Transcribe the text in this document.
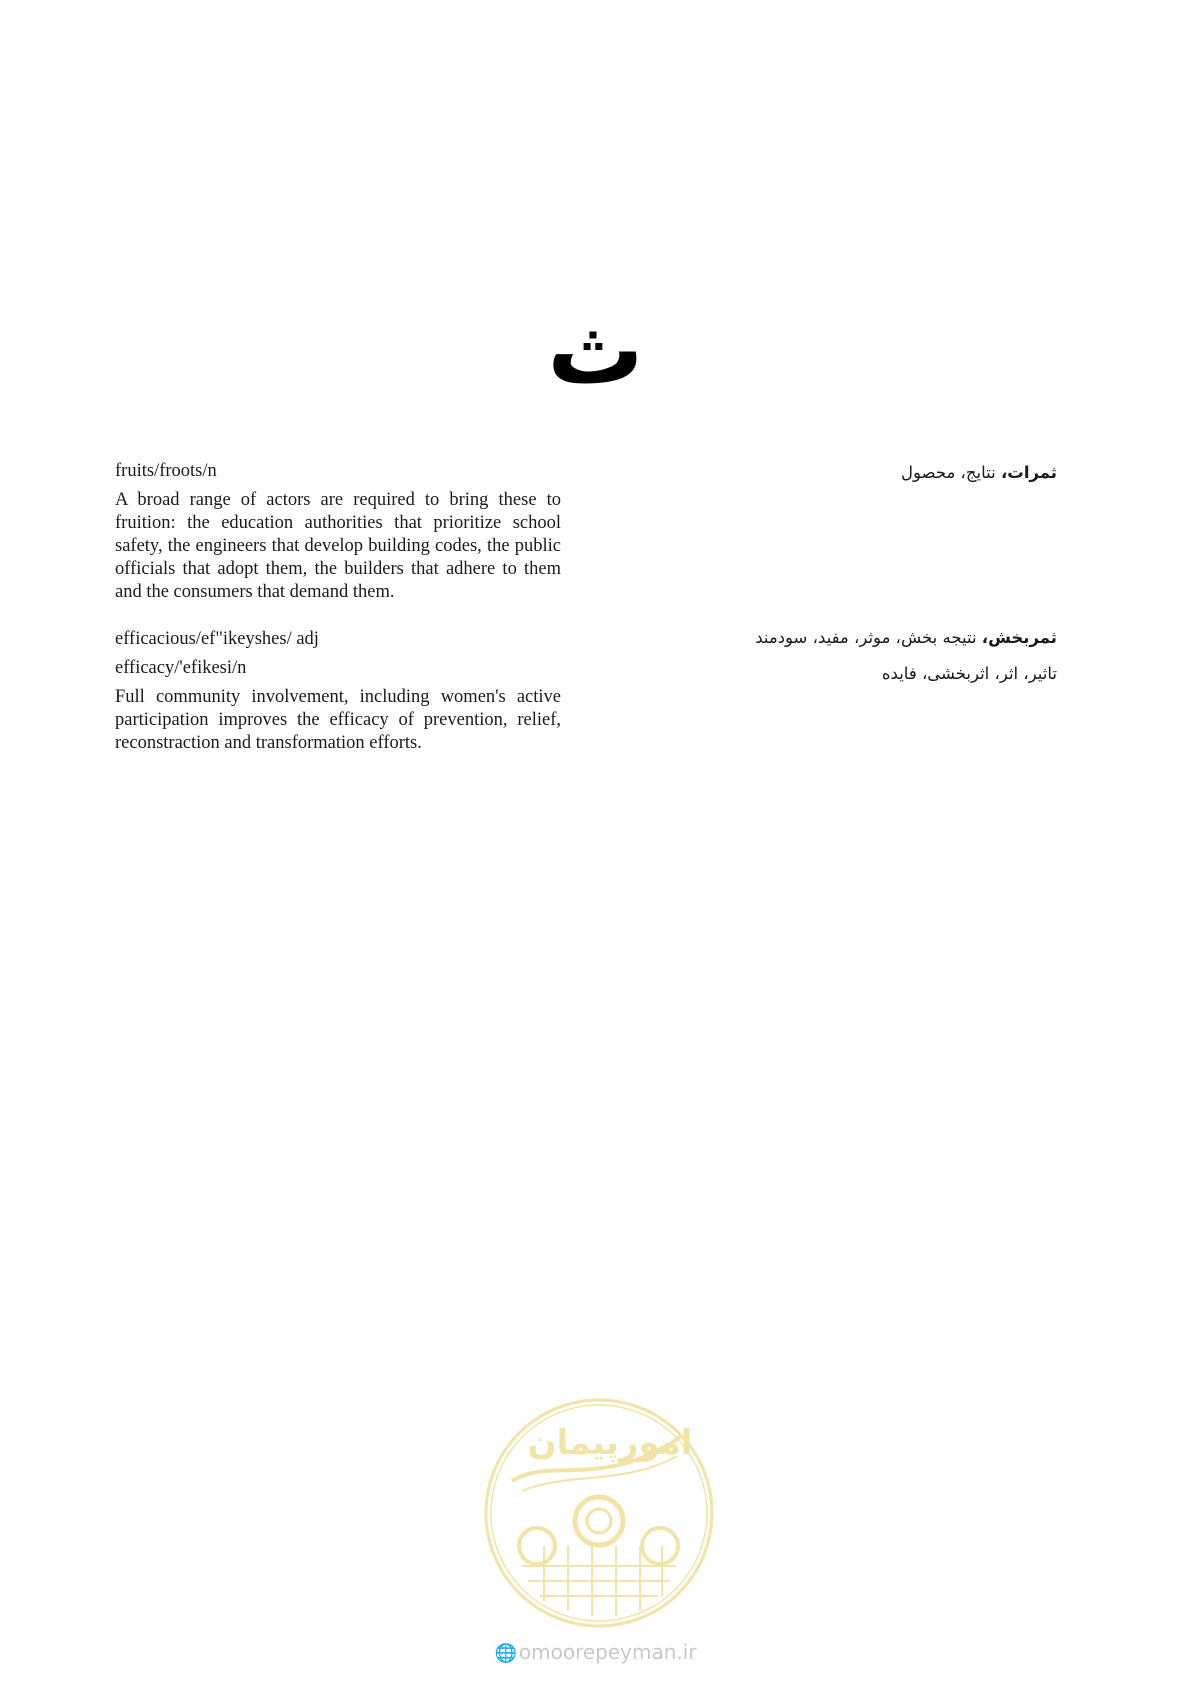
ث
fruits/froots/n

A broad range of actors are required to bring these to fruition: the education authorities that prioritize school safety, the engineers that develop building codes, the public officials that adopt them, the builders that adhere to them and the consumers that demand them.

ثمرات، نتایج، محصول
efficacious/ef"ikeyshes/ adj	ثمربخش، نتیجه بخش، موثر، مفید، سودمند
efficacy/'efikesi/n

Full community involvement, including women's active participation improves the efficacy of prevention, relief, reconstraction and transformation efforts.

تاثیر، اثر، اثربخشی، فایده
امورپیمان
🌐 omoorepeyman.ir
